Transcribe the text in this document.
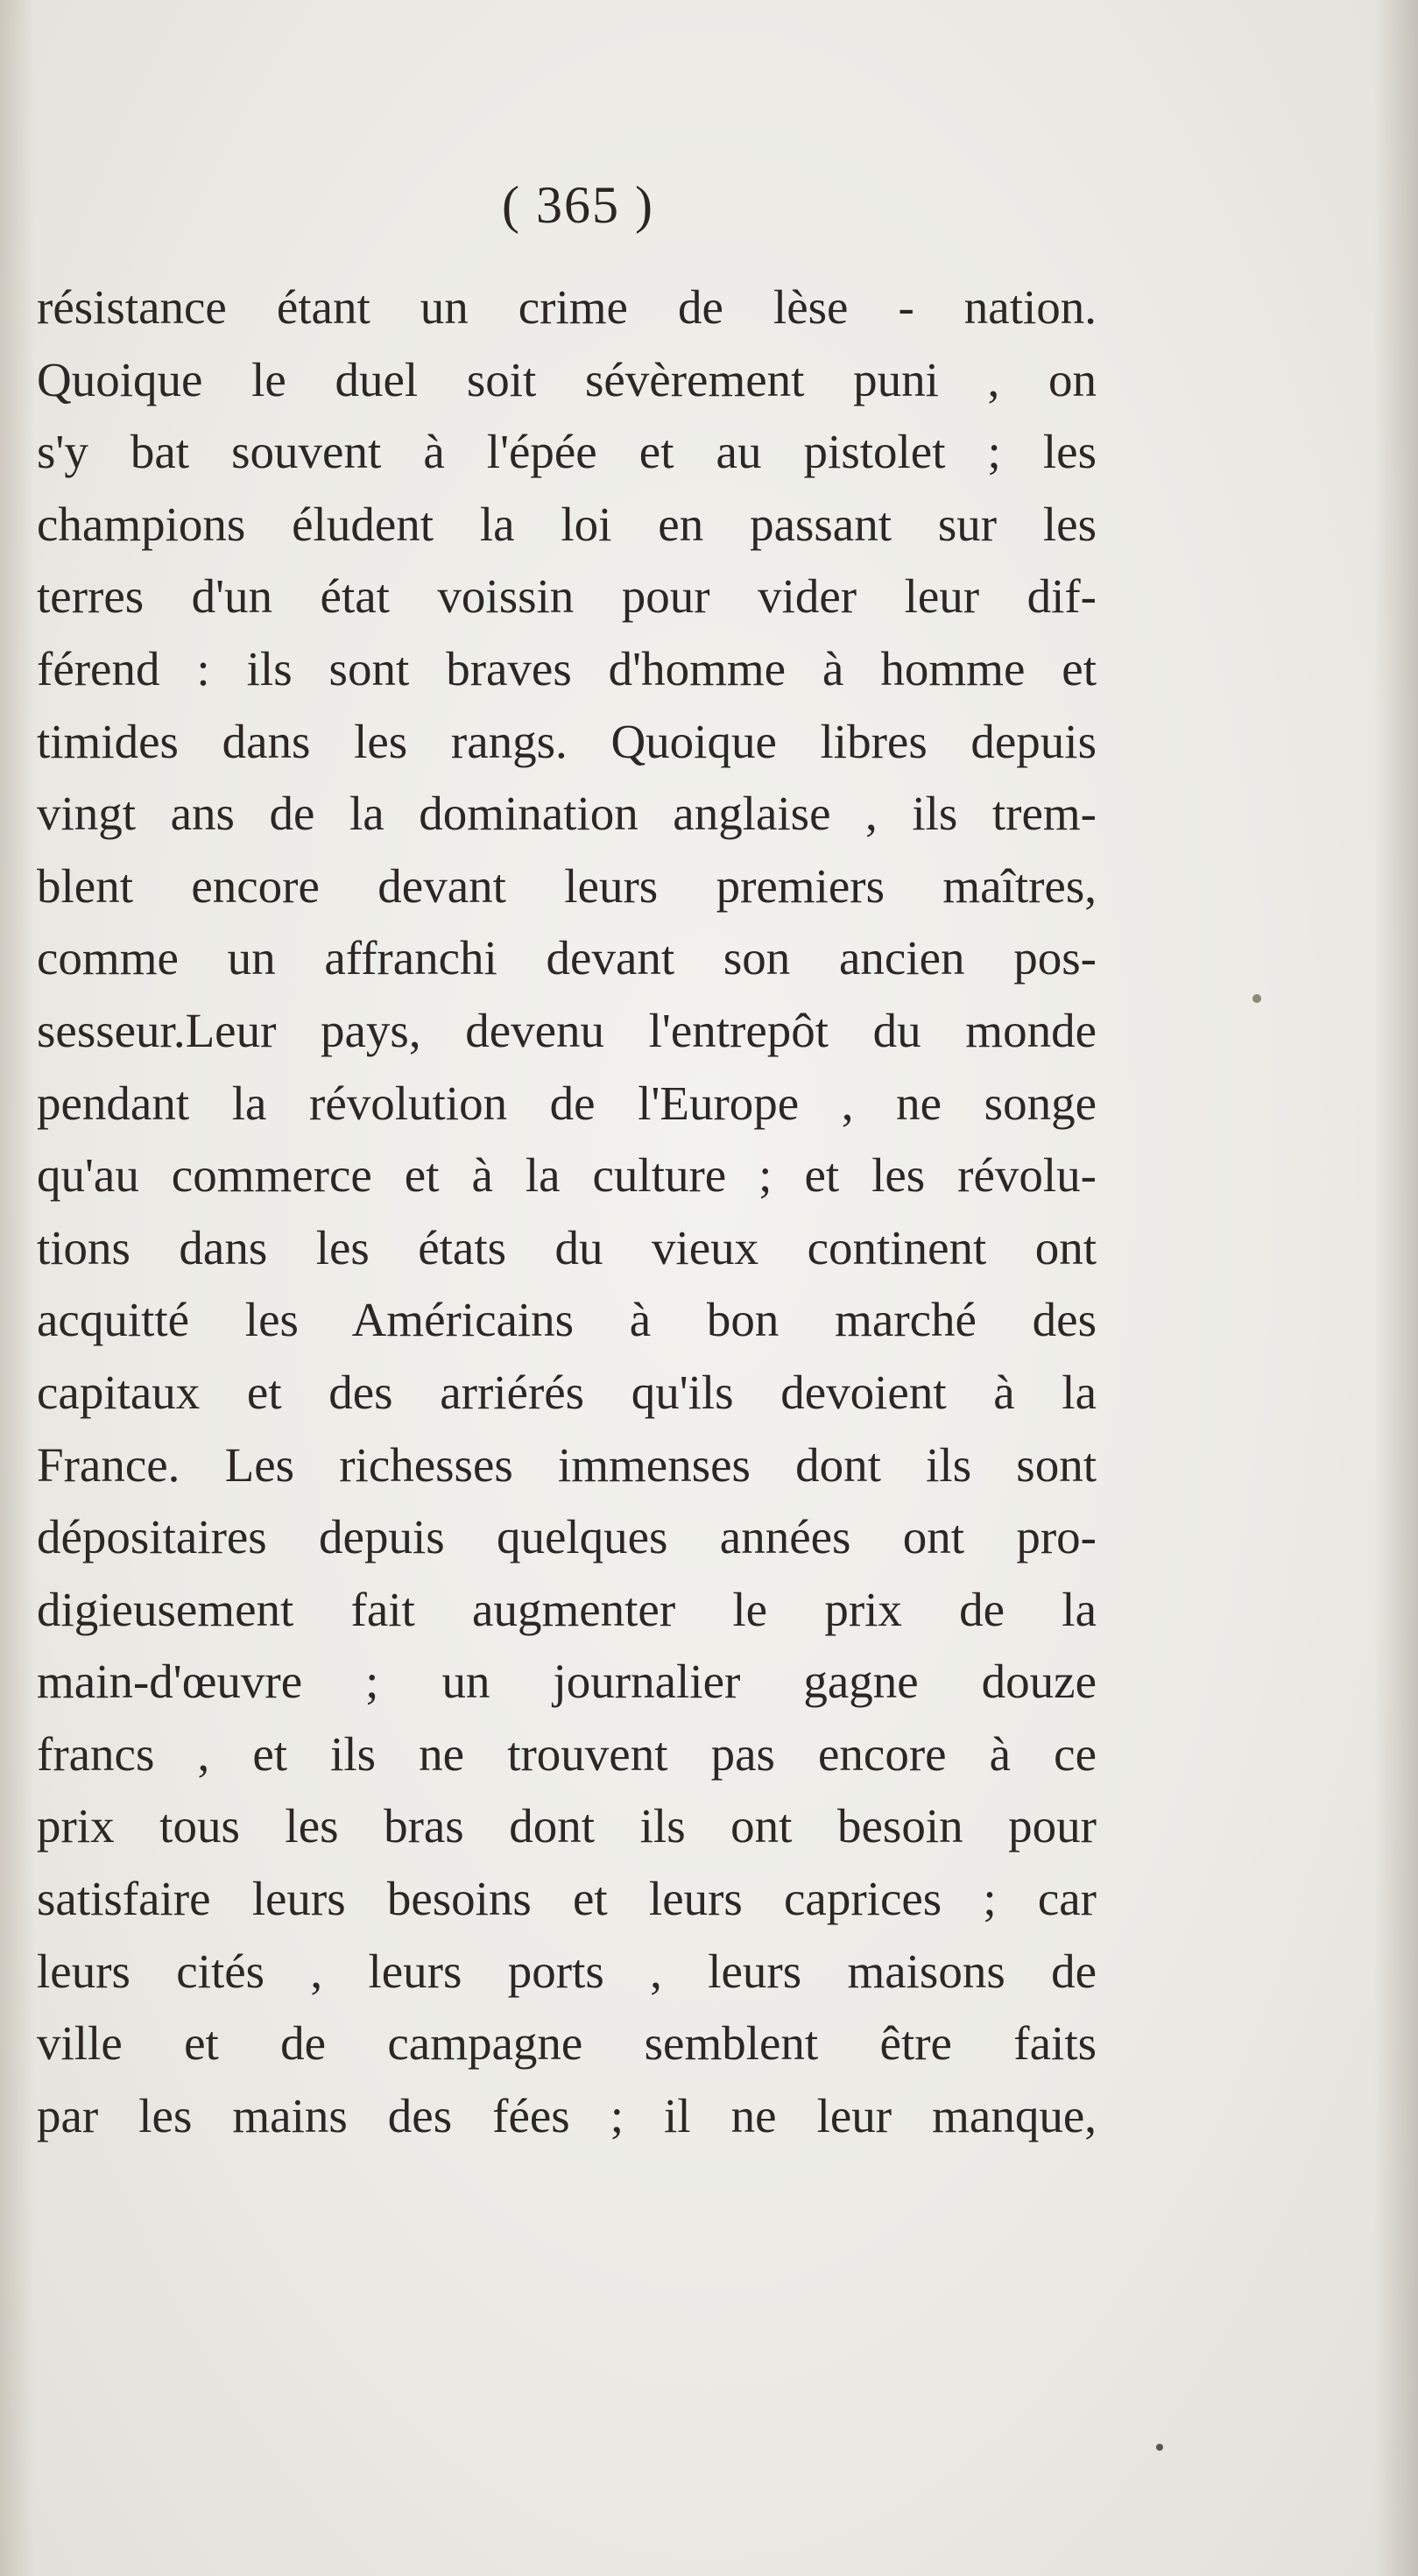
( 365 )
résistance étant un crime de lèse - nation.
Quoique le duel soit sévèrement puni , on
s'y bat souvent à l'épée et au pistolet ; les
champions éludent la loi en passant sur les
terres d'un état voissin pour vider leur dif-
férend : ils sont braves d'homme à homme et
timides dans les rangs. Quoique libres depuis
vingt ans de la domination anglaise , ils trem-
blent encore devant leurs premiers maîtres,
comme un affranchi devant son ancien pos-
sesseur.Leur pays, devenu l'entrepôt du monde
pendant la révolution de l'Europe , ne songe
qu'au commerce et à la culture ; et les révolu-
tions dans les états du vieux continent ont
acquitté les Américains à bon marché des
capitaux et des arriérés qu'ils devoient à la
France. Les richesses immenses dont ils sont
dépositaires depuis quelques années ont pro-
digieusement fait augmenter le prix de la
main-d'œuvre ; un journalier gagne douze
francs , et ils ne trouvent pas encore à ce
prix tous les bras dont ils ont besoin pour
satisfaire leurs besoins et leurs caprices ; car
leurs cités , leurs ports , leurs maisons de
ville et de campagne semblent être faits
par les mains des fées ; il ne leur manque,
